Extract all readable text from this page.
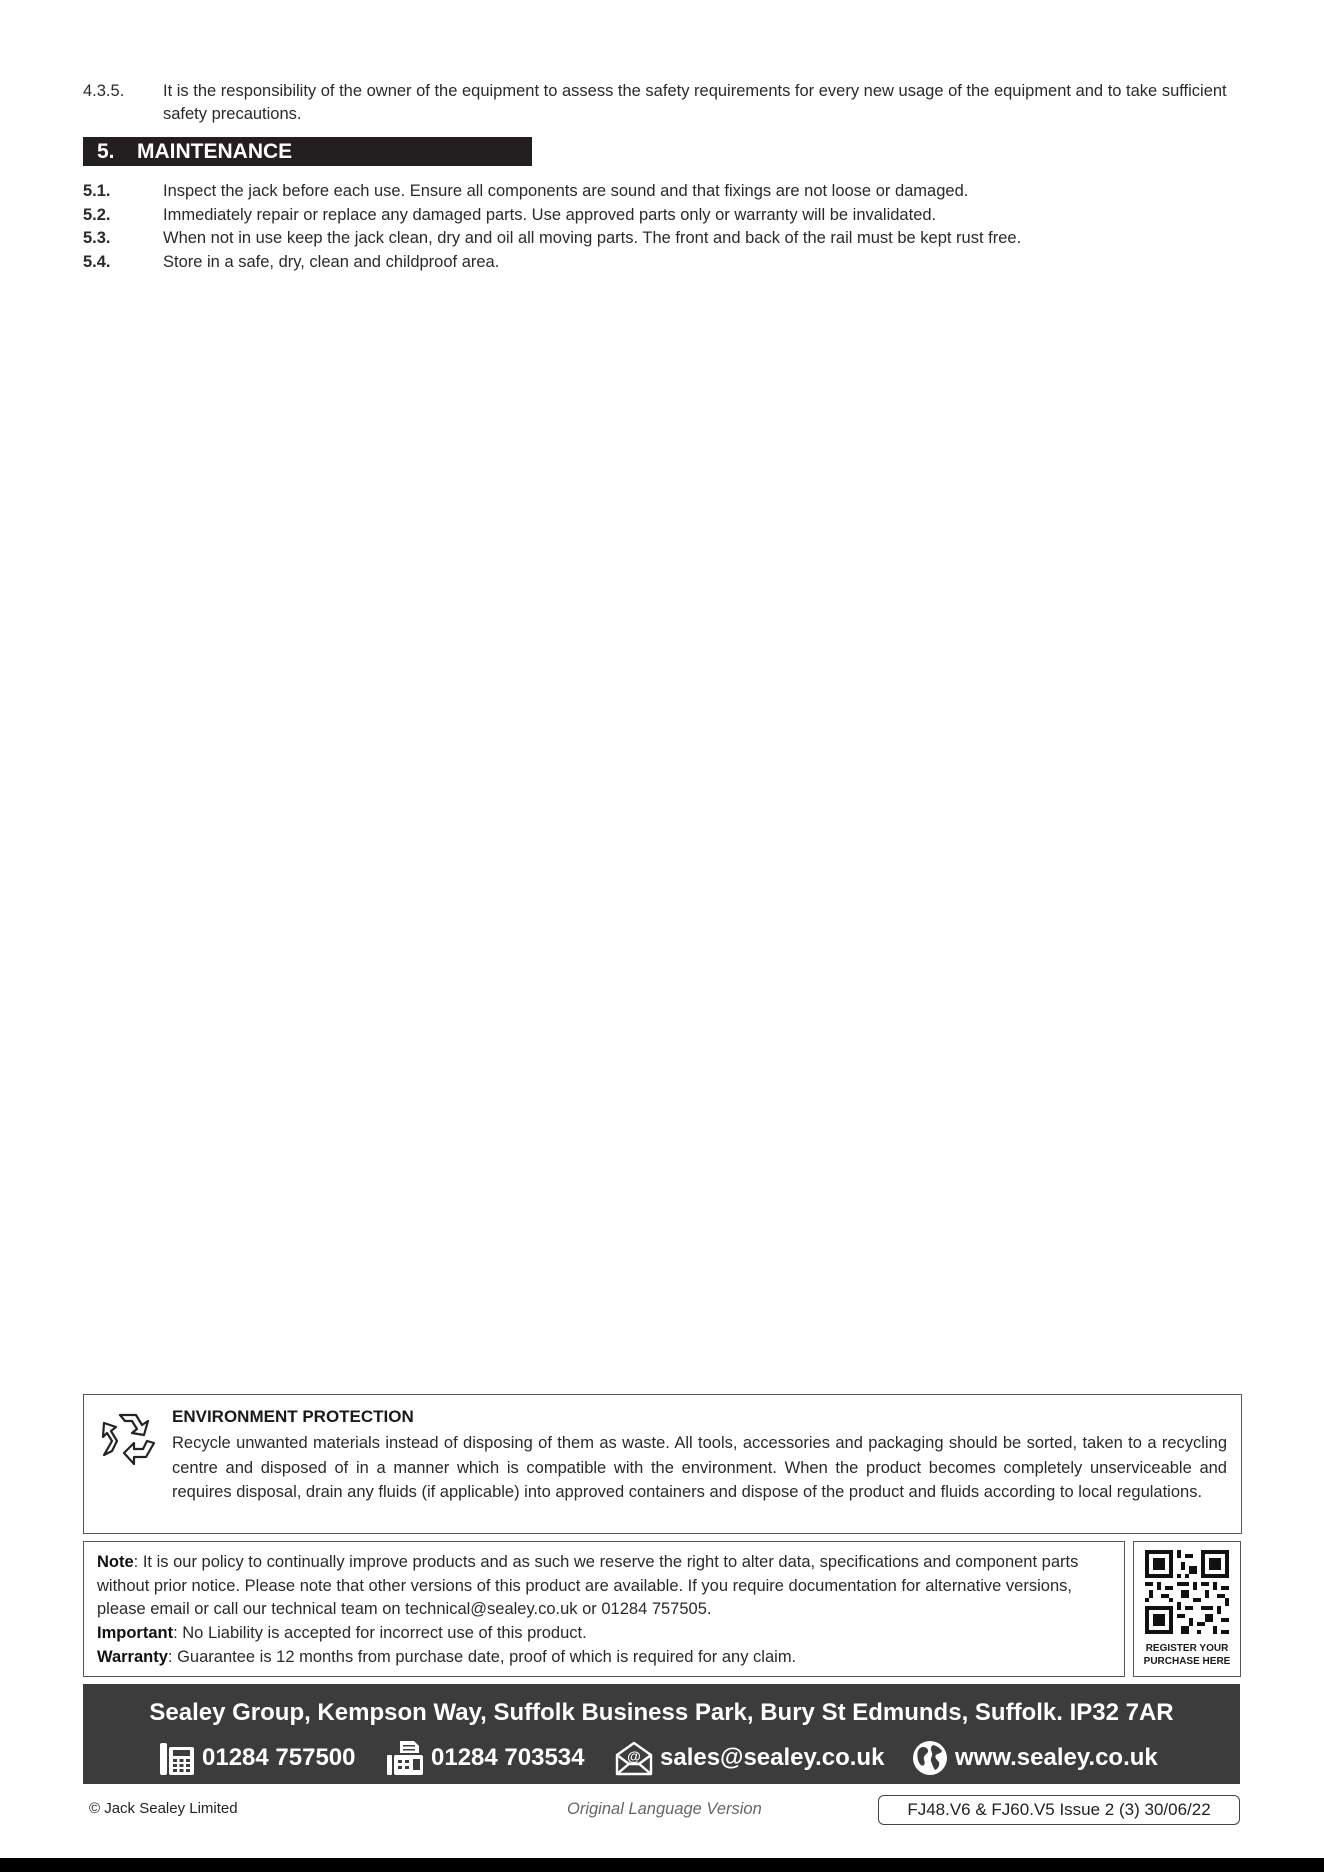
4.3.5. It is the responsibility of the owner of the equipment to assess the safety requirements for every new usage of the equipment and to take sufficient safety precautions.
5. MAINTENANCE
5.1.	Inspect the jack before each use. Ensure all components are sound and that fixings are not loose or damaged.
5.2.	Immediately repair or replace any damaged parts. Use approved parts only or warranty will be invalidated.
5.3.	When not in use keep the jack clean, dry and oil all moving parts. The front and back of the rail must be kept rust free.
5.4.	Store in a safe, dry, clean and childproof area.
ENVIRONMENT PROTECTION
Recycle unwanted materials instead of disposing of them as waste. All tools, accessories and packaging should be sorted, taken to a recycling centre and disposed of in a manner which is compatible with the environment. When the product becomes completely unserviceable and requires disposal, drain any fluids (if applicable) into approved containers and dispose of the product and fluids according to local regulations.
Note: It is our policy to continually improve products and as such we reserve the right to alter data, specifications and component parts without prior notice. Please note that other versions of this product are available. If you require documentation for alternative versions, please email or call our technical team on technical@sealey.co.uk or 01284 757505.
Important: No Liability is accepted for incorrect use of this product.
Warranty: Guarantee is 12 months from purchase date, proof of which is required for any claim.	REGISTER YOUR
PURCHASE HERE
Sealey Group, Kempson Way, Suffolk Business Park, Bury St Edmunds, Suffolk. IP32 7AR
01284 757500	01284 703534	@ sales@sealey.co.uk	www.sealey.co.uk
© Jack Sealey Limited	Original Language Version	FJ48.V6 & FJ60.V5 Issue 2 (3) 30/06/22
